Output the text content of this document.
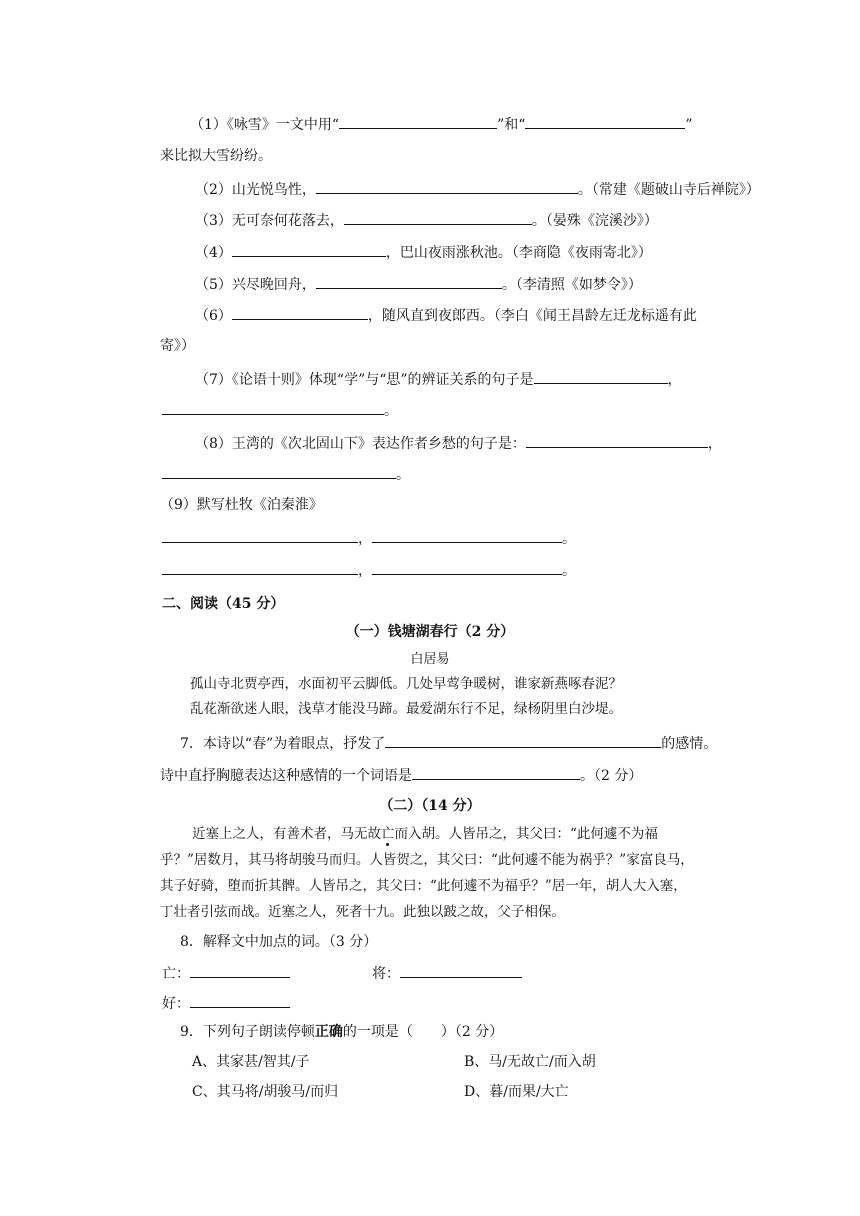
（1）《咏雪》一文中用“	”和“	”
来比拟大雪纷纷。
（2）山光悦鸟性，	。（常建《题破山寺后禅院》）
（3）无可奈何花落去，	。（晏殊《浣溪沙》）
（4）	，巴山夜雨涨秋池。（李商隐《夜雨寄北》）
（5）兴尽晚回舟，	。（李清照《如梦令》）
（6）	，随风直到夜郎西。（李白《闻王昌龄左迁龙标遥有此
寄》）
（7）《论语十则》体现“学”与“思”的辨证关系的句子是	，
。
（8）王湾的《次北固山下》表达作者乡愁的句子是：	，
。
（9）默写杜牧《泊秦淮》
，	。
，	。
二、阅读（45 分）
（一）钱塘湖春行（2 分）
白居易
孤山寺北贾亭西，水面初平云脚低。几处早莺争暖树，谁家新燕啄春泥？
乱花渐欲迷人眼，浅草才能没马蹄。最爱湖东行不足，绿杨阴里白沙堤。
7．本诗以“春”为着眼点，抒发了	的感情。
诗中直抒胸臆表达这种感情的一个词语是	。（2 分）
（二）（14 分）
近塞上之人，有善术者，马无故亡而入胡。人皆吊之，其父曰：“此何遽不为福
乎？”居数月，其马将胡骏马而归。人皆贺之，其父曰：“此何遽不能为祸乎？”家富良马，
其子好骑，堕而折其髀。人皆吊之，其父曰：“此何遽不为福乎？”居一年，胡人大入塞，
丁壮者引弦而战。近塞之人，死者十九。此独以跛之故，父子相保。
8．解释文中加点的词。（3 分）
亡：	将：
好：
9．下列句子朗读停顿正确的一项是（　　）（2 分）
A、其家甚/智其/子	B、马/无故亡/而入胡
C、其马将/胡骏马/而归	D、暮/而果/大亡
